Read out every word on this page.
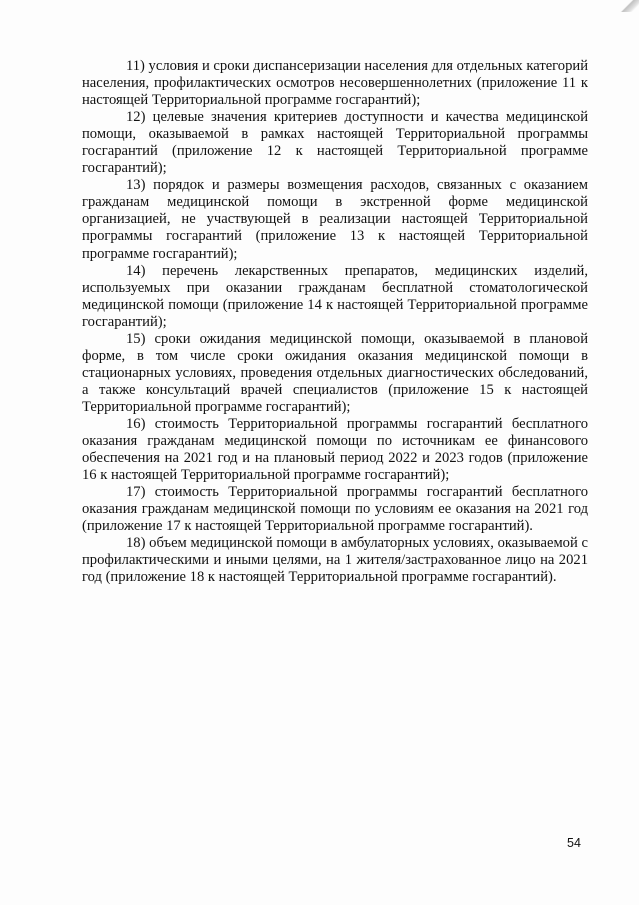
11) условия и сроки диспансеризации населения для отдельных категорий населения, профилактических осмотров несовершеннолетних (приложение 11 к настоящей Территориальной программе госгарантий);

12) целевые значения критериев доступности и качества медицинской помощи, оказываемой в рамках настоящей Территориальной программы госгарантий (приложение 12 к настоящей Территориальной программе госгарантий);

13) порядок и размеры возмещения расходов, связанных с оказанием гражданам медицинской помощи в экстренной форме медицинской организацией, не участвующей в реализации настоящей Территориальной программы госгарантий (приложение 13 к настоящей Территориальной программе госгарантий);

14) перечень лекарственных препаратов, медицинских изделий, используемых при оказании гражданам бесплатной стоматологической медицинской помощи (приложение 14 к настоящей Территориальной программе госгарантий);

15) сроки ожидания медицинской помощи, оказываемой в плановой форме, в том числе сроки ожидания оказания медицинской помощи в стационарных условиях, проведения отдельных диагностических обследований, а также консультаций врачей специалистов (приложение 15 к настоящей Территориальной программе госгарантий);

16) стоимость Территориальной программы госгарантий бесплатного оказания гражданам медицинской помощи по источникам ее финансового обеспечения на 2021 год и на плановый период 2022 и 2023 годов (приложение 16 к настоящей Территориальной программе госгарантий);

17) стоимость Территориальной программы госгарантий бесплатного оказания гражданам медицинской помощи по условиям ее оказания на 2021 год (приложение 17 к настоящей Территориальной программе госгарантий).

18) объем медицинской помощи в амбулаторных условиях, оказываемой с профилактическими и иными целями, на 1 жителя/застрахованное лицо на 2021 год (приложение 18 к настоящей Территориальной программе госгарантий).

54
